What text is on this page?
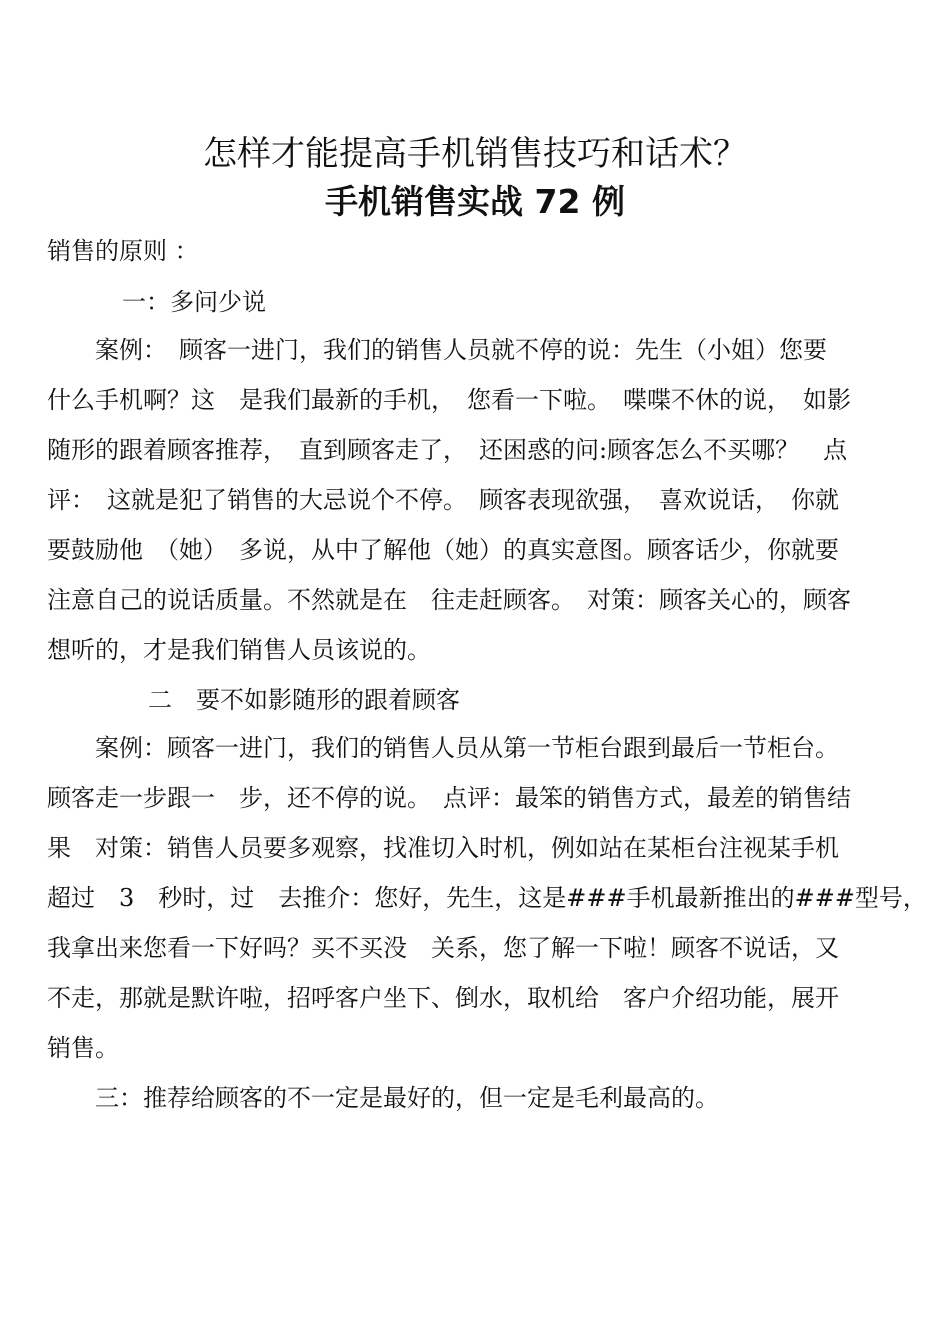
怎样才能提高手机销售技巧和话术？
手机销售实战 72 例
销售的原则 ：
一：多问少说
　　案例：　顾客一进门，我们的销售人员就不停的说：先生（小姐）您要
什么手机啊？这　是我们最新的手机，　您看一下啦。　喋喋不休的说，　如影
随形的跟着顾客推荐，　直到顾客走了，　还困惑的问:顾客怎么不买哪？　点
评：　这就是犯了销售的大忌说个不停。　顾客表现欲强，　喜欢说话，　你就
要鼓励他　（她）　多说，从中了解他（她）的真实意图。顾客话少，你就要
注意自己的说话质量。不然就是在　往走赶顾客。　对策：顾客关心的，顾客
想听的，才是我们销售人员该说的。
二　要不如影随形的跟着顾客
　　案例：顾客一进门，我们的销售人员从第一节柜台跟到最后一节柜台。
顾客走一步跟一　步，还不停的说。　点评：最笨的销售方式，最差的销售结
果　对策：销售人员要多观察，找准切入时机，例如站在某柜台注视某手机
超过　3　秒时，过　去推介：您好，先生，这是###手机最新推出的###型号，
我拿出来您看一下好吗？买不买没　关系，您了解一下啦！顾客不说话，又
不走，那就是默许啦，招呼客户坐下、倒水，取机给　客户介绍功能，展开
销售。
　　三：推荐给顾客的不一定是最好的，但一定是毛利最高的。
